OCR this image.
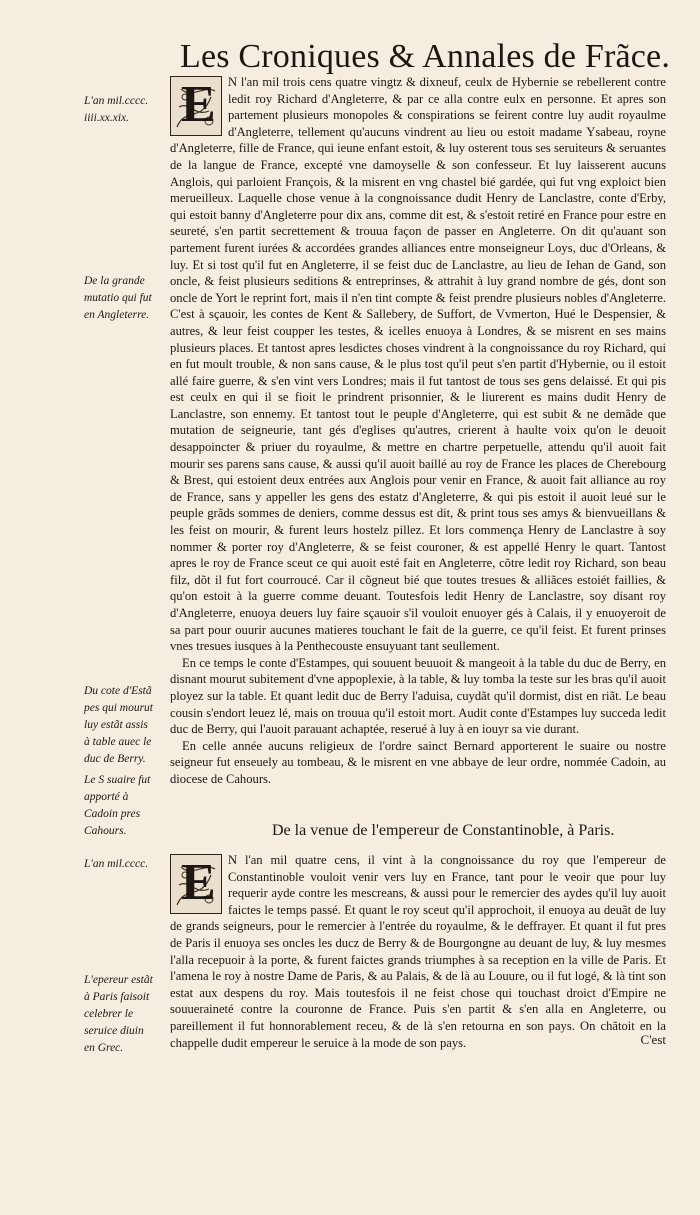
Les Croniques & Annales de Frãce.
L'an mil.cccc. iiii.xx.xix.
De la grande mutatio qui fut en Angleterre.
Du cote d'Estã pes qui mourut luy estãt assis à table auec le duc de Berry.
Le S suaire fut apporté à Cadoin pres Cahours.
L'an mil.cccc.
L'epereur estãt à Paris faisoit celebrer le seruice diuin en Grec.

E N l'an mil trois cens quatre vingtz & dixneuf, ceulx de Hybernie se rebellerent contre ledit roy Richard d'Angleterre, & par ce alla contre eulx en personne. Et apres son partement plusieurs monopoles & conspirations se feirent contre luy audit royaulme d'Angleterre, tellement qu'aucuns vindrent au lieu ou estoit madame Ysabeau, royne d'Angleterre, fille de France, qui ieune enfant estoit, & luy osterent tous ses seruiteurs & seruantes de la langue de France, excepté vne damoyselle & son confesseur. Et luy laisserent aucuns Anglois, qui parloient François, & la misrent en vng chastel bié gardée, qui fut vng exploict bien merueilleux. Laquelle chose venue à la congnoissance dudit Henry de Lanclastre, conte d'Erby, qui estoit banny d'Angleterre pour dix ans, comme dit est, & s'estoit retiré en France pour estre en seureté, s'en partit secrettement & trouua façon de passer en Angleterre. On dit qu'auant son partement furent iurées & accordées grandes alliances entre monseigneur Loys, duc d'Orleans, & luy. Et si tost qu'il fut en Angleterre, il se feist duc de Lanclastre, au lieu de Iehan de Gand, son oncle, & feist plusieurs seditions & entreprinses, & attrahit à luy grand nombre de gés, dont son oncle de Yort le reprint fort, mais il n'en tint compte & feist prendre plusieurs nobles d'Angleterre. C'est à sçauoir, les contes de Kent & Sallebery, de Suffort, de Vvmerton, Hué le Despensier, & autres, & leur feist coupper les testes, & icelles enuoya à Londres, & se misrent en ses mains plusieurs places. Et tantost apres lesdictes choses vindrent à la congnoissance du roy Richard, qui en fut moult trouble, & non sans cause, & le plus tost qu'il peut s'en partit d'Hybernie, ou il estoit allé faire guerre, & s'en vint vers Londres; mais il fut tantost de tous ses gens delaissé. Et qui pis est ceulx en qui il se fioit le prindrent prisonnier, & le liurerent es mains dudit Henry de Lanclastre, son ennemy. Et tantost tout le peuple d'Angleterre, qui est subit & ne demãde que mutation de seigneurie, tant gés d'eglises qu'autres, crierent à haulte voix qu'on le deuoit desappoincter & priuer du royaulme, & mettre en chartre perpetuelle, attendu qu'il auoit fait mourir ses parens sans cause, & aussi qu'il auoit baillé au roy de France les places de Cherebourg & Brest, qui estoient deux entrées aux Anglois pour venir en France, & auoit fait alliance au roy de France, sans y appeller les gens des estatz d'Angleterre, & qui pis estoit il auoit leué sur le peuple grãds sommes de deniers, comme dessus est dit, & print tous ses amys & bienvueillans & les feist on mourir, & furent leurs hostelz pillez. Et lors commença Henry de Lanclastre à soy nommer & porter roy d'Angleterre, & se feist couroner, & est appellé Henry le quart. Tantost apres le roy de France sceut ce qui auoit esté fait en Angleterre, cõtre ledit roy Richard, son beau filz, dõt il fut fort courroucé. Car il cõgneut bié que toutes tresues & alliãces estoiét faillies, & qu'on estoit à la guerre comme deuant. Toutesfois ledit Henry de Lanclastre, soy disant roy d'Angleterre, enuoya deuers luy faire sçauoir s'il vouloit enuoyer gés à Calais, il y enuoyeroit de sa part pour ouurir aucunes matieres touchant le fait de la guerre, ce qu'il feist. Et furent prinses vnes tresues iusques à la Penthecouste ensuyuant tant seullement.

En ce temps le conte d'Estampes, qui souuent beuuoit & mangeoit à la table du duc de Berry, en disnant mourut subitement d'vne appoplexie, à la table, & luy tomba la teste sur les bras qu'il auoit ployez sur la table. Et quant ledit duc de Berry l'aduisa, cuydãt qu'il dormist, dist en riãt. Le beau cousin s'endort leuez lé, mais on trouua qu'il estoit mort. Audit conte d'Estampes luy succeda ledit duc de Berry, qui l'auoit parauant achaptée, reserué à luy à en iouyr sa vie durant.

En celle année aucuns religieux de l'ordre sainct Bernard apporterent le suaire ou nostre seigneur fut enseuely au tombeau, & le misrent en vne abbaye de leur ordre, nommée Cadoin, au diocese de Cahours.

De la venue de l'empereur de Constantinoble, à Paris.

E N l'an mil quatre cens, il vint à la congnoissance du roy que l'empereur de Constantinoble vouloit venir vers luy en France, tant pour le veoir que pour luy requerir ayde contre les mescreans, & aussi pour le remercier des aydes qu'il luy auoit faictes le temps passé. Et quant le roy sceut qu'il approchoit, il enuoya au deuãt de luy de grands seigneurs, pour le remercier à l'entrée du royaulme, & le deffrayer. Et quant il fut pres de Paris il enuoya ses oncles les ducz de Berry & de Bourgongne au deuant de luy, & luy mesmes l'alla recepuoir à la porte, & furent faictes grands triumphes à sa reception en la ville de Paris. Et l'amena le roy à nostre Dame de Paris, & au Palais, & de là au Louure, ou il fut logé, & là tint son estat aux despens du roy. Mais toutesfois il ne feist chose qui touchast droict d'Empire ne souueraineté contre la couronne de France. Puis s'en partit & s'en alla en Angleterre, ou pareillement il fut honnorablement receu, & de là s'en retourna en son pays. On chãtoit en la chappelle dudit empereur le seruice à la mode de son pays.	C'est
